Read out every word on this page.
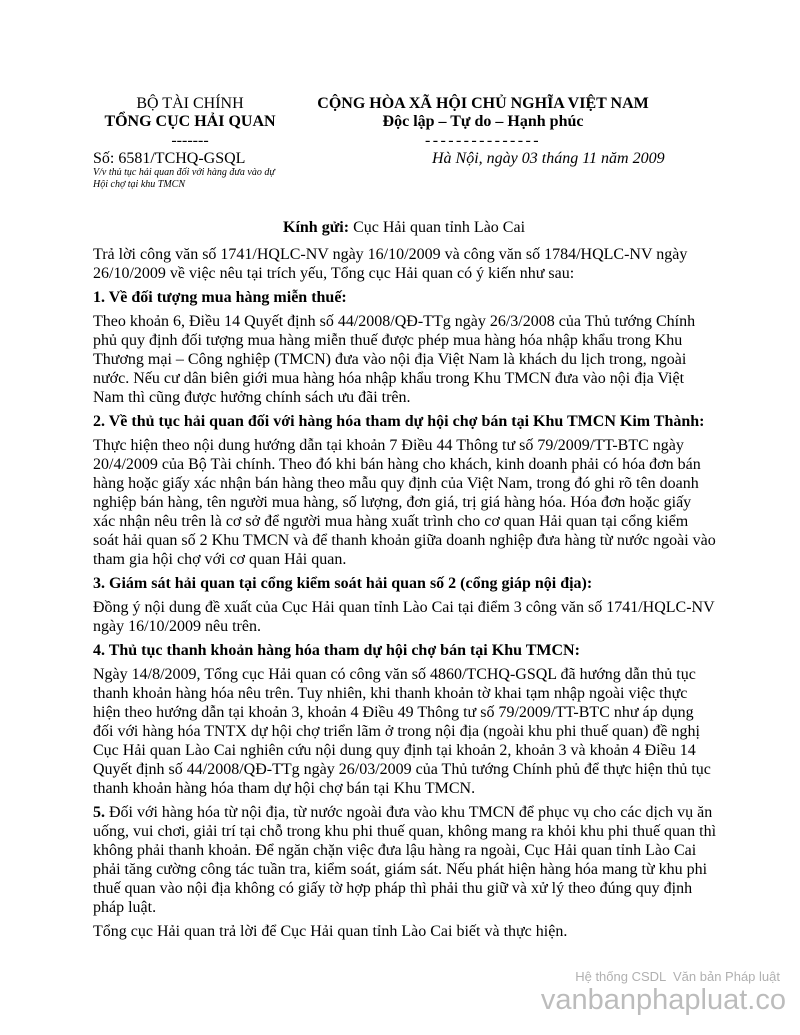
BỘ TÀI CHÍNH
TỔNG CỤC HẢI QUAN
-------
Số: 6581/TCHQ-GSQL
V/v thủ tục hải quan đối với hàng đưa vào dự
Hội chợ tại khu TMCN
CỘNG HÒA XÃ HỘI CHỦ NGHĨA VIỆT NAM
Độc lập – Tự do – Hạnh phúc
---------------
Hà Nội, ngày 03 tháng 11 năm 2009
Kính gửi: Cục Hải quan tỉnh Lào Cai
Trả lời công văn số 1741/HQLC-NV ngày 16/10/2009 và công văn số 1784/HQLC-NV ngày
26/10/2009 về việc nêu tại trích yếu, Tổng cục Hải quan có ý kiến như sau:
1. Về đối tượng mua hàng miễn thuế:
Theo khoản 6, Điều 14 Quyết định số 44/2008/QĐ-TTg ngày 26/3/2008 của Thủ tướng Chính
phủ quy định đối tượng mua hàng miễn thuế được phép mua hàng hóa nhập khẩu trong Khu
Thương mại – Công nghiệp (TMCN) đưa vào nội địa Việt Nam là khách du lịch trong, ngoài
nước. Nếu cư dân biên giới mua hàng hóa nhập khẩu trong Khu TMCN đưa vào nội địa Việt
Nam thì cũng được hưởng chính sách ưu đãi trên.
2. Về thủ tục hải quan đối với hàng hóa tham dự hội chợ bán tại Khu TMCN Kim Thành:
Thực hiện theo nội dung hướng dẫn tại khoản 7 Điều 44 Thông tư số 79/2009/TT-BTC ngày
20/4/2009 của Bộ Tài chính. Theo đó khi bán hàng cho khách, kinh doanh phải có hóa đơn bán
hàng hoặc giấy xác nhận bán hàng theo mẫu quy định của Việt Nam, trong đó ghi rõ tên doanh
nghiệp bán hàng, tên người mua hàng, số lượng, đơn giá, trị giá hàng hóa. Hóa đơn hoặc giấy
xác nhận nêu trên là cơ sở để người mua hàng xuất trình cho cơ quan Hải quan tại cổng kiểm
soát hải quan số 2 Khu TMCN và để thanh khoản giữa doanh nghiệp đưa hàng từ nước ngoài vào
tham gia hội chợ với cơ quan Hải quan.
3. Giám sát hải quan tại cổng kiểm soát hải quan số 2 (cổng giáp nội địa):
Đồng ý nội dung đề xuất của Cục Hải quan tỉnh Lào Cai tại điểm 3 công văn số 1741/HQLC-NV
ngày 16/10/2009 nêu trên.
4. Thủ tục thanh khoản hàng hóa tham dự hội chợ bán tại Khu TMCN:
Ngày 14/8/2009, Tổng cục Hải quan có công văn số 4860/TCHQ-GSQL đã hướng dẫn thủ tục
thanh khoản hàng hóa nêu trên. Tuy nhiên, khi thanh khoản tờ khai tạm nhập ngoài việc thực
hiện theo hướng dẫn tại khoản 3, khoản 4 Điều 49 Thông tư số 79/2009/TT-BTC như áp dụng
đối với hàng hóa TNTX dự hội chợ triển lãm ở trong nội địa (ngoài khu phi thuế quan) đề nghị
Cục Hải quan Lào Cai nghiên cứu nội dung quy định tại khoản 2, khoản 3 và khoản 4 Điều 14
Quyết định số 44/2008/QĐ-TTg ngày 26/03/2009 của Thủ tướng Chính phủ để thực hiện thủ tục
thanh khoản hàng hóa tham dự hội chợ bán tại Khu TMCN.
5. Đối với hàng hóa từ nội địa, từ nước ngoài đưa vào khu TMCN để phục vụ cho các dịch vụ ăn
uống, vui chơi, giải trí tại chỗ trong khu phi thuế quan, không mang ra khỏi khu phi thuế quan thì
không phải thanh khoản. Để ngăn chặn việc đưa lậu hàng ra ngoài, Cục Hải quan tỉnh Lào Cai
phải tăng cường công tác tuần tra, kiểm soát, giám sát. Nếu phát hiện hàng hóa mang từ khu phi
thuế quan vào nội địa không có giấy tờ hợp pháp thì phải thu giữ và xử lý theo đúng quy định
pháp luật.
Tổng cục Hải quan trả lời để Cục Hải quan tỉnh Lào Cai biết và thực hiện.
Hệ thống CSDL  Văn bản Pháp luật
vanbanphapluat.co
